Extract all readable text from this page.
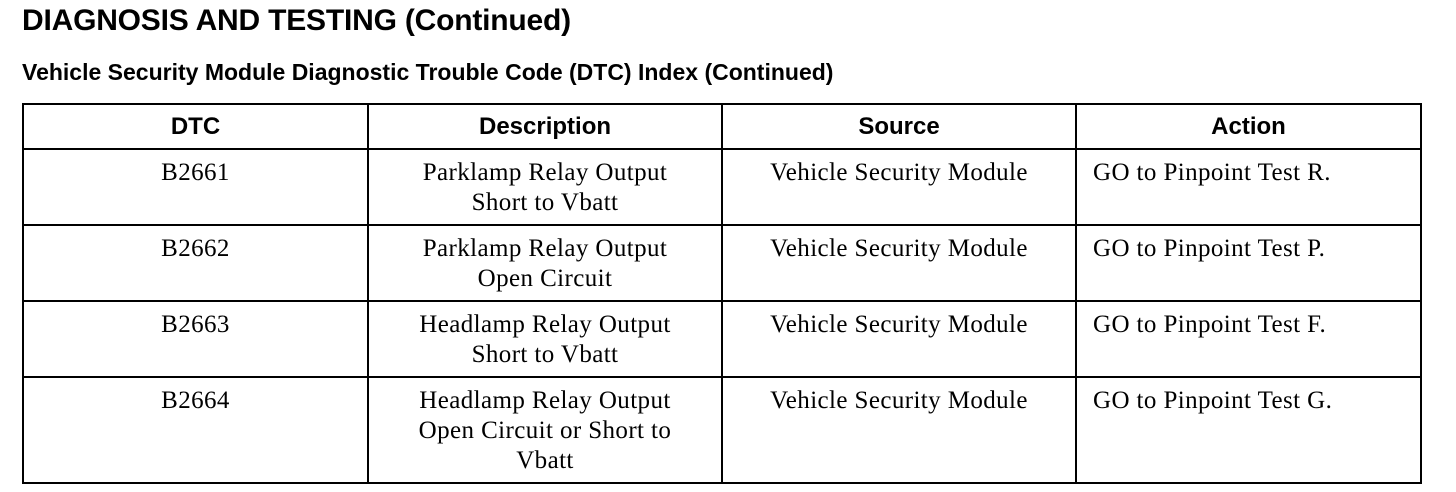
DIAGNOSIS AND TESTING (Continued)
Vehicle Security Module Diagnostic Trouble Code (DTC) Index (Continued)
DTC	Description	Source	Action
B2661	Parklamp Relay Output Short to Vbatt	Vehicle Security Module	GO to Pinpoint Test R.
B2662	Parklamp Relay Output Open Circuit	Vehicle Security Module	GO to Pinpoint Test P.
B2663	Headlamp Relay Output Short to Vbatt	Vehicle Security Module	GO to Pinpoint Test F.
B2664	Headlamp Relay Output Open Circuit or Short to Vbatt	Vehicle Security Module	GO to Pinpoint Test G.
